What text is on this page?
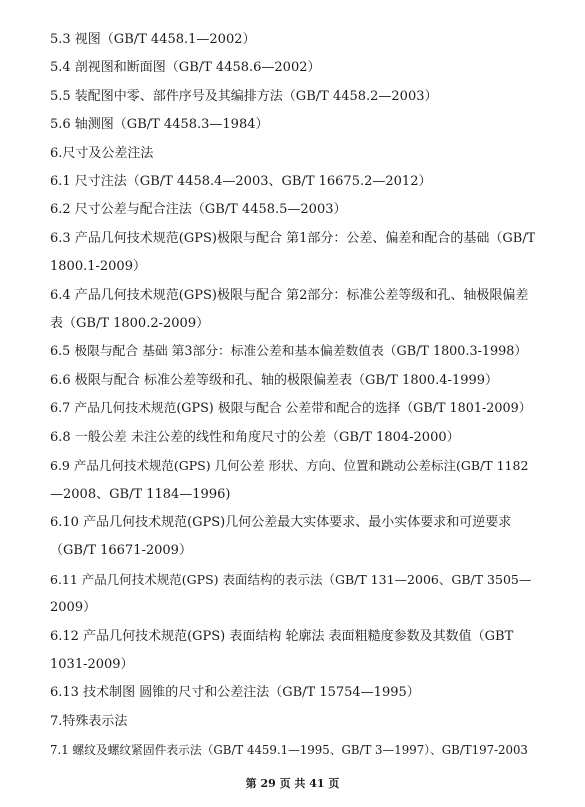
5.3 视图（GB/T 4458.1—2002）
5.4 剖视图和断面图（GB/T 4458.6—2002）
5.5 装配图中零、部件序号及其编排方法（GB/T 4458.2—2003）
5.6 轴测图（GB/T 4458.3—1984）
6.尺寸及公差注法
6.1 尺寸注法（GB/T 4458.4—2003、GB/T 16675.2—2012）
6.2 尺寸公差与配合注法（GB/T 4458.5—2003）
6.3 产品几何技术规范(GPS)极限与配合 第1部分：公差、偏差和配合的基础（GB/T
1800.1-2009）
6.4 产品几何技术规范(GPS)极限与配合 第2部分：标准公差等级和孔、轴极限偏差
表（GB/T 1800.2-2009）
6.5 极限与配合 基础 第3部分：标准公差和基本偏差数值表（GB/T 1800.3-1998）
6.6 极限与配合 标准公差等级和孔、轴的极限偏差表（GB/T 1800.4-1999）
6.7 产品几何技术规范(GPS) 极限与配合 公差带和配合的选择（GB/T 1801-2009）
6.8 一般公差 未注公差的线性和角度尺寸的公差（GB/T 1804-2000）
6.9 产品几何技术规范(GPS) 几何公差 形状、方向、位置和跳动公差标注(GB/T 1182
—2008、GB/T 1184—1996)
6.10 产品几何技术规范(GPS)几何公差最大实体要求、最小实体要求和可逆要求
（GB/T 16671-2009）
6.11 产品几何技术规范(GPS) 表面结构的表示法（GB/T 131—2006、GB/T 3505—
2009）
6.12 产品几何技术规范(GPS) 表面结构 轮廓法 表面粗糙度参数及其数值（GBT
1031-2009）
6.13 技术制图 圆锥的尺寸和公差注法（GB/T 15754—1995）
7.特殊表示法
7.1 螺纹及螺纹紧固件表示法（GB/T 4459.1—1995、GB/T 3—1997）、GB/T197-2003
第 29 页 共 41 页
